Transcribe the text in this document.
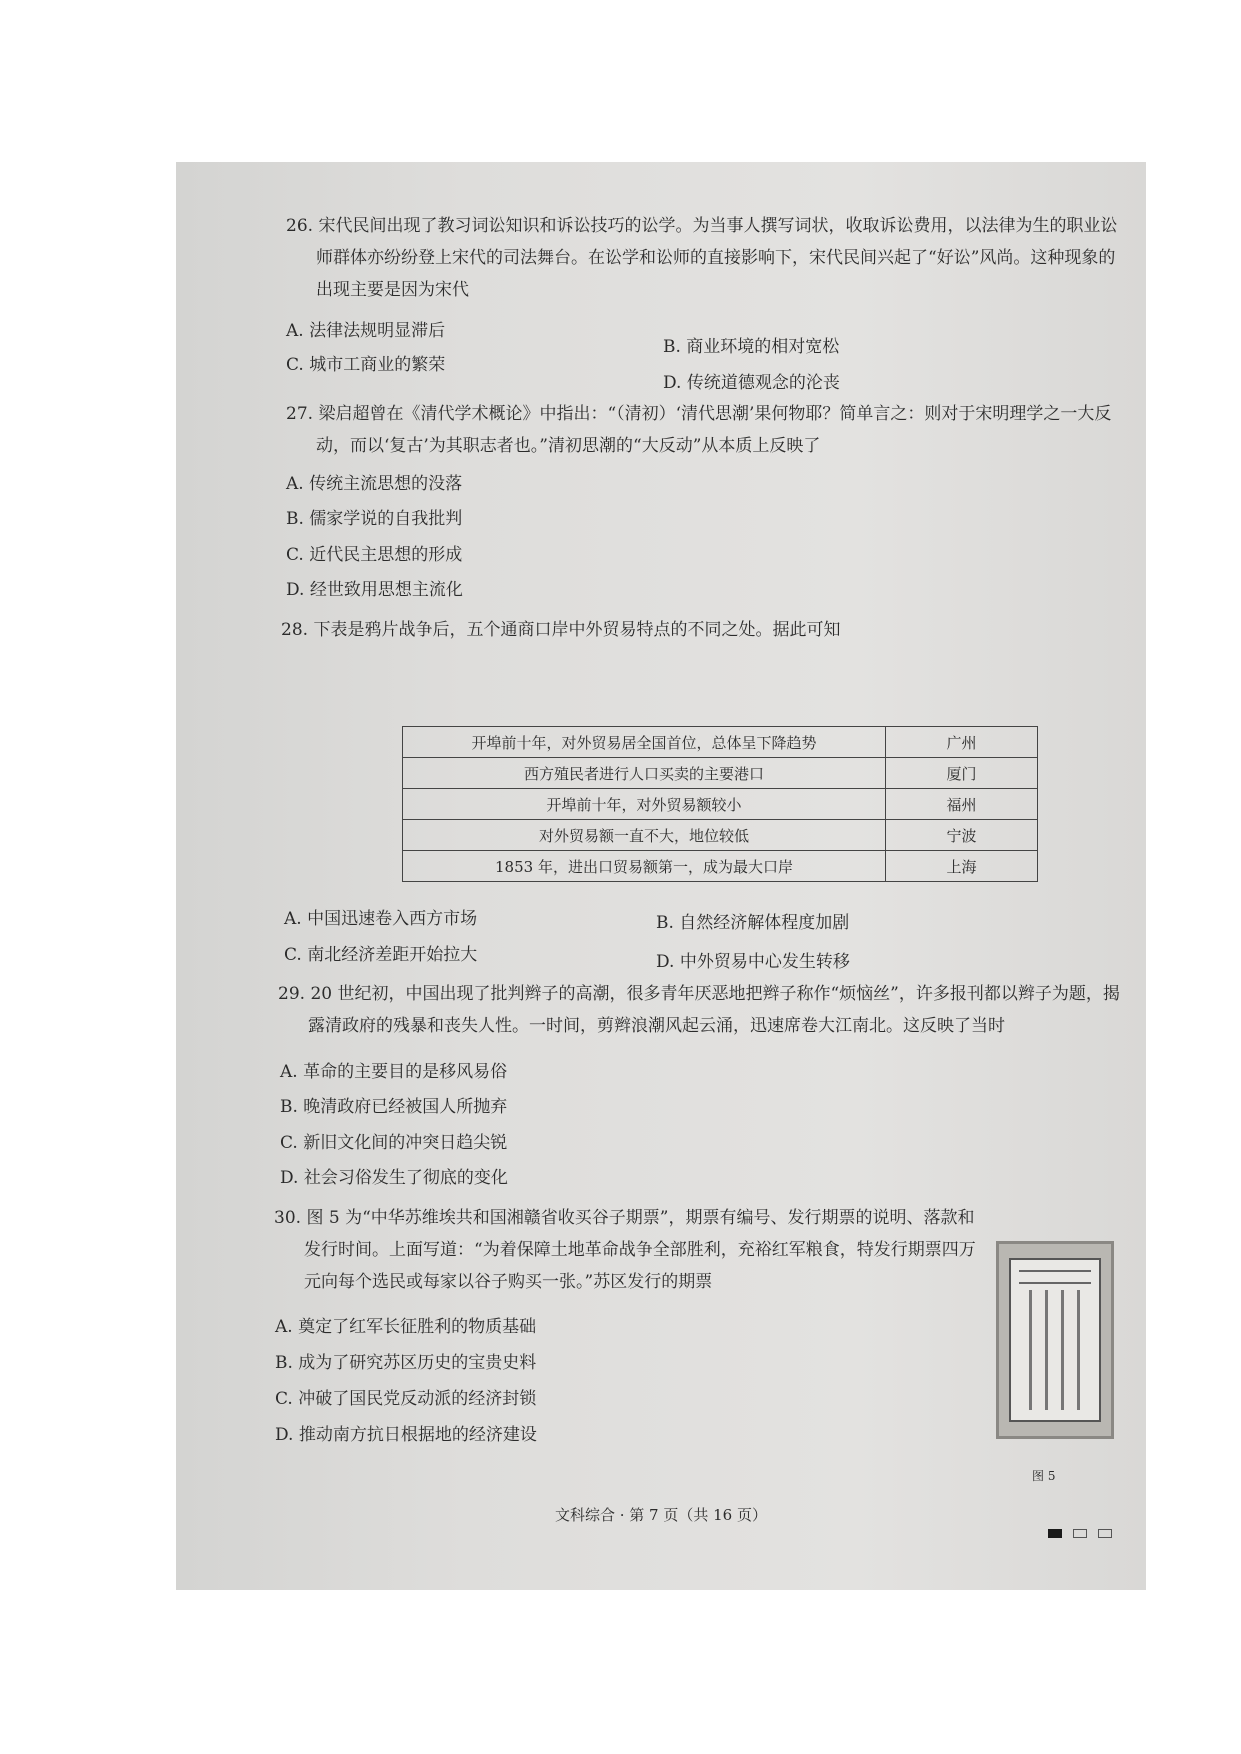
26. 宋代民间出现了教习词讼知识和诉讼技巧的讼学。为当事人撰写词状，收取诉讼费用，以法律为生的职业讼师群体亦纷纷登上宋代的司法舞台。在讼学和讼师的直接影响下，宋代民间兴起了“好讼”风尚。这种现象的出现主要是因为宋代
A. 法律法规明显滞后
B. 商业环境的相对宽松
C. 城市工商业的繁荣
D. 传统道德观念的沦丧
27. 梁启超曾在《清代学术概论》中指出：“（清初）‘清代思潮’果何物耶？简单言之：则对于宋明理学之一大反动，而以‘复古’为其职志者也。”清初思潮的“大反动”从本质上反映了
A. 传统主流思想的没落
B. 儒家学说的自我批判
C. 近代民主思想的形成
D. 经世致用思想主流化
28. 下表是鸦片战争后，五个通商口岸中外贸易特点的不同之处。据此可知
开埠前十年，对外贸易居全国首位，总体呈下降趋势	广州
西方殖民者进行人口买卖的主要港口	厦门
开埠前十年，对外贸易额较小	福州
对外贸易额一直不大，地位较低	宁波
1853 年，进出口贸易额第一，成为最大口岸	上海
A. 中国迅速卷入西方市场	B. 自然经济解体程度加剧
C. 南北经济差距开始拉大	D. 中外贸易中心发生转移
29. 20 世纪初，中国出现了批判辫子的高潮，很多青年厌恶地把辫子称作“烦恼丝”，许多报刊都以辫子为题，揭露清政府的残暴和丧失人性。一时间，剪辫浪潮风起云涌，迅速席卷大江南北。这反映了当时
A. 革命的主要目的是移风易俗
B. 晚清政府已经被国人所抛弃
C. 新旧文化间的冲突日趋尖锐
D. 社会习俗发生了彻底的变化
30. 图 5 为“中华苏维埃共和国湘赣省收买谷子期票”，期票有编号、发行期票的说明、落款和发行时间。上面写道：“为着保障土地革命战争全部胜利，充裕红军粮食，特发行期票四万元向每个选民或每家以谷子购买一张。”苏区发行的期票
A. 奠定了红军长征胜利的物质基础
B. 成为了研究苏区历史的宝贵史料
C. 冲破了国民党反动派的经济封锁
D. 推动南方抗日根据地的经济建设
图 5
文科综合 · 第 7 页（共 16 页）
